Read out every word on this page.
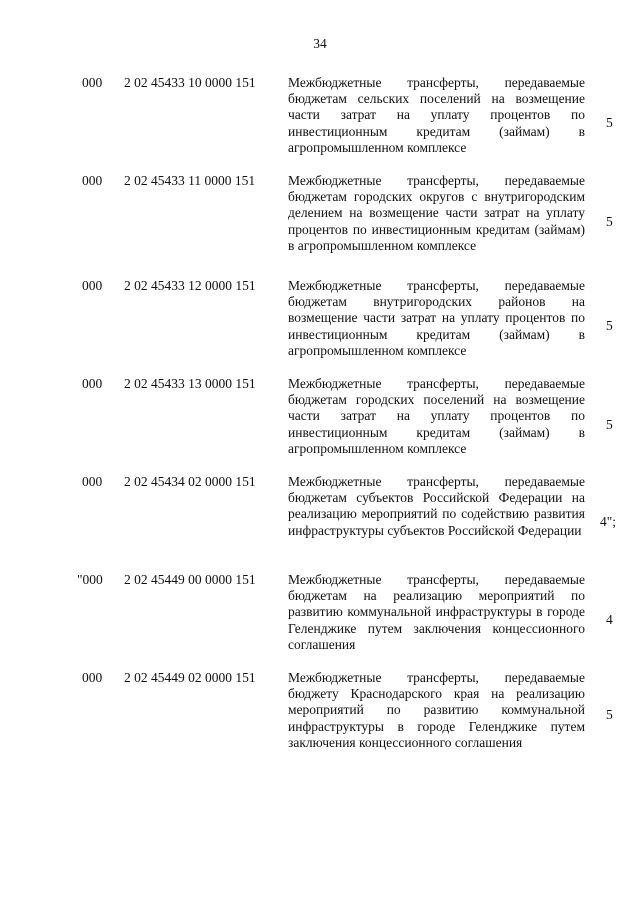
34
000 2 02 45433 10 0000 151 Межбюджетные трансферты, передаваемые бюджетам сельских поселений на возмещение части затрат на уплату процентов по инвестиционным кредитам (займам) в агропромышленном комплексе
5
000 2 02 45433 11 0000 151 Межбюджетные трансферты, передаваемые бюджетам городских округов с внутригородским делением на возмещение части затрат на уплату процентов по инвестиционным кредитам (займам) в агропромышленном комплексе
5
000 2 02 45433 12 0000 151 Межбюджетные трансферты, передаваемые бюджетам внутригородских районов на возмещение части затрат на уплату процентов по инвестиционным кредитам (займам) в агропромышленном комплексе
5
000 2 02 45433 13 0000 151 Межбюджетные трансферты, передаваемые бюджетам городских поселений на возмещение части затрат на уплату процентов по инвестиционным кредитам (займам) в агропромышленном комплексе
5
000 2 02 45434 02 0000 151 Межбюджетные трансферты, передаваемые бюджетам субъектов Российской Федерации на реализацию мероприятий по содействию развития инфраструктуры субъектов Российской Федерации
4";
"000 2 02 45449 00 0000 151 Межбюджетные трансферты, передаваемые бюджетам на реализацию мероприятий по развитию коммунальной инфраструктуры в городе Геленджике путем заключения концессионного соглашения
4
000 2 02 45449 02 0000 151 Межбюджетные трансферты, передаваемые бюджету Краснодарского края на реализацию мероприятий по развитию коммунальной инфраструктуры в городе Геленджике путем заключения концессионного соглашения
5
